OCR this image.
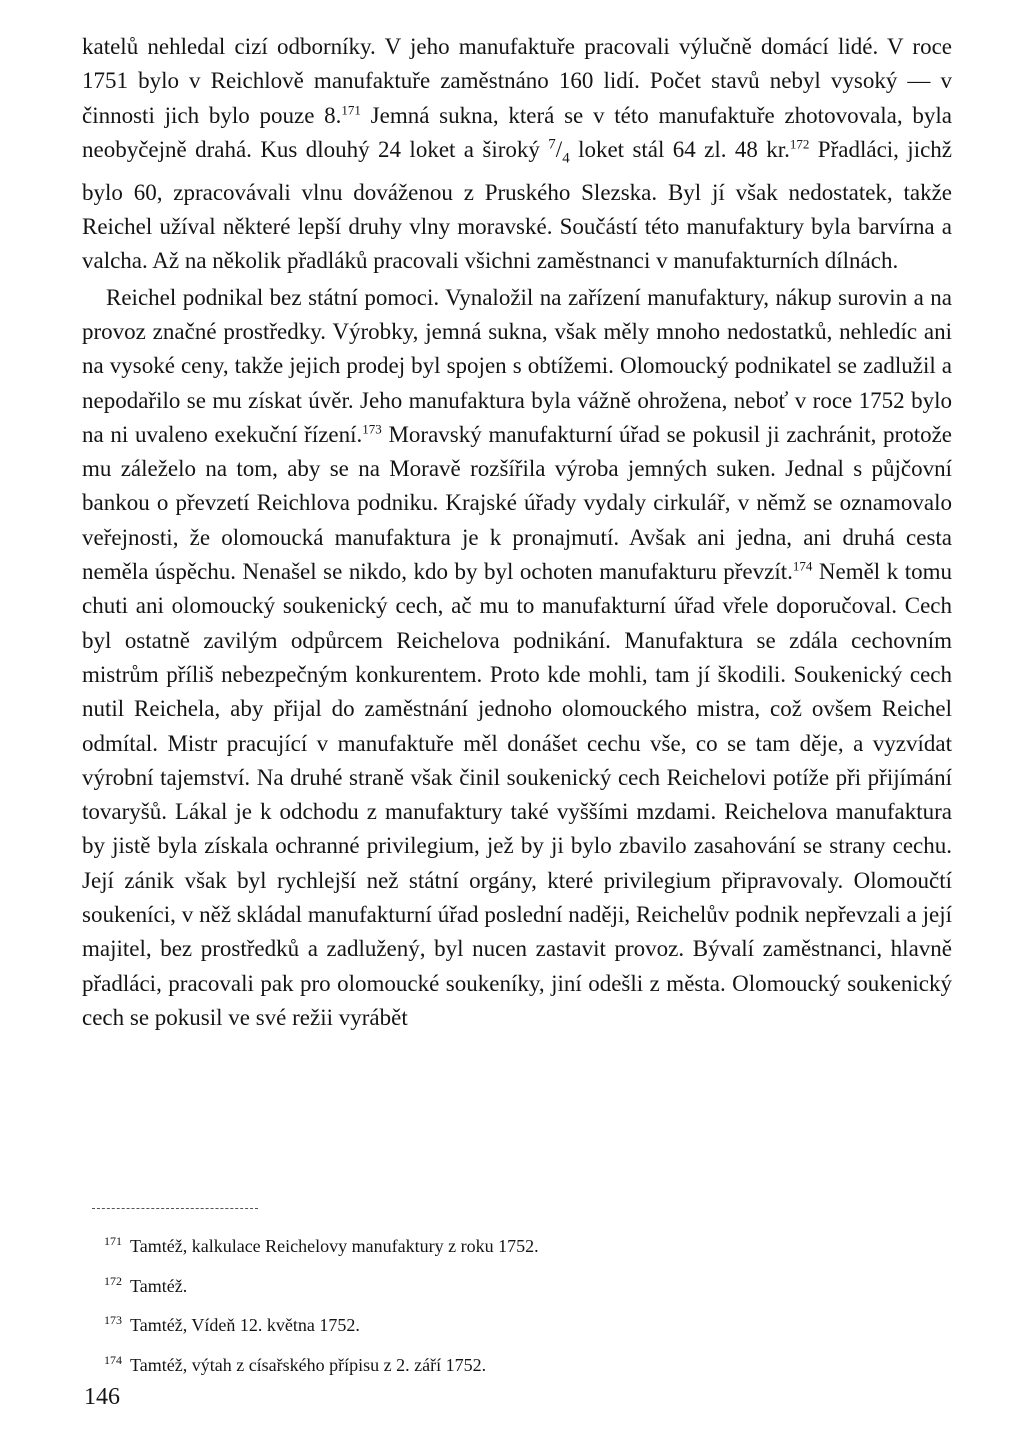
katelů nehledal cizí odborníky. V jeho manufaktuře pracovali výlučně domácí lidé. V roce 1751 bylo v Reichlově manufaktuře zaměstnáno 160 lidí. Počet stavů nebyl vysoký — v činnosti jich bylo pouze 8.$^{171}$ Jemná sukna, která se v této manufaktuře zhotovovala, byla neobyčejně drahá. Kus dlouhý 24 loket a široký $^7/_4$ loket stál 64 zl. 48 kr.$^{172}$ Přadláci, jichž bylo 60, zpracovávali vlnu dováženou z Pruského Slezska. Byl jí však nedostatek, takže Reichel užíval některé lepší druhy vlny moravské. Součástí této manufaktury byla barvírna a valcha. Až na několik přadláků pracovali všichni zaměstnanci v manufakturních dílnách.

Reichel podnikal bez státní pomoci. Vynaložil na zařízení manufaktury, nákup surovin a na provoz značné prostředky. Výrobky, jemná sukna, však měly mnoho nedostatků, nehledíc ani na vysoké ceny, takže jejich prodej byl spojen s obtížemi. Olomoucký podnikatel se zadlužil a nepodařilo se mu získat úvěr. Jeho manufaktura byla vážně ohrožena, neboť v roce 1752 bylo na ni uvaleno exekuční řízení.$^{173}$ Moravský manufakturní úřad se pokusil ji zachránit, protože mu záleželo na tom, aby se na Moravě rozšířila výroba jemných suken. Jednal s půjčovní bankou o převzetí Reichlova podniku. Krajské úřady vydaly cirkulář, v němž se oznamovalo veřejnosti, že olomoucká manufaktura je k pronajmutí. Avšak ani jedna, ani druhá cesta neměla úspěchu. Nenašel se nikdo, kdo by byl ochoten manufakturu převzít.$^{174}$ Neměl k tomu chuti ani olomoucký soukenický cech, ač mu to manufakturní úřad vřele doporučoval. Cech byl ostatně zavilým odpůrcem Reichelova podnikání. Manufaktura se zdála cechovním mistrům příliš nebezpečným konkurentem. Proto kde mohli, tam jí škodili. Soukenický cech nutil Reichela, aby přijal do zaměstnání jednoho olomouckého mistra, což ovšem Reichel odmítal. Mistr pracující v manufaktuře měl donášet cechu vše, co se tam děje, a vyzvídat výrobní tajemství. Na druhé straně však činil soukenický cech Reichelovi potíže při přijímání tovaryšů. Lákal je k odchodu z manufaktury také vyššími mzdami. Reichelova manufaktura by jistě byla získala ochranné privilegium, jež by ji bylo zbavilo zasahování se strany cechu. Její zánik však byl rychlejší než státní orgány, které privilegium připravovaly. Olomoučtí soukeníci, v něž skládal manufakturní úřad poslední naději, Reichelův podnik nepřevzali a její majitel, bez prostředků a zadlužený, byl nucen zastavit provoz. Bývalí zaměstnanci, hlavně přadláci, pracovali pak pro olomoucké soukeníky, jiní odešli z města. Olomoucký soukenický cech se pokusil ve své režii vyrábět

$^{171}$ Tamtéž, kalkulace Reichelovy manufaktury z roku 1752.

$^{172}$ Tamtéž.

$^{173}$ Tamtéž, Vídeň 12. května 1752.

$^{174}$ Tamtéž, výtah z císařského přípisu z 2. září 1752.

146
